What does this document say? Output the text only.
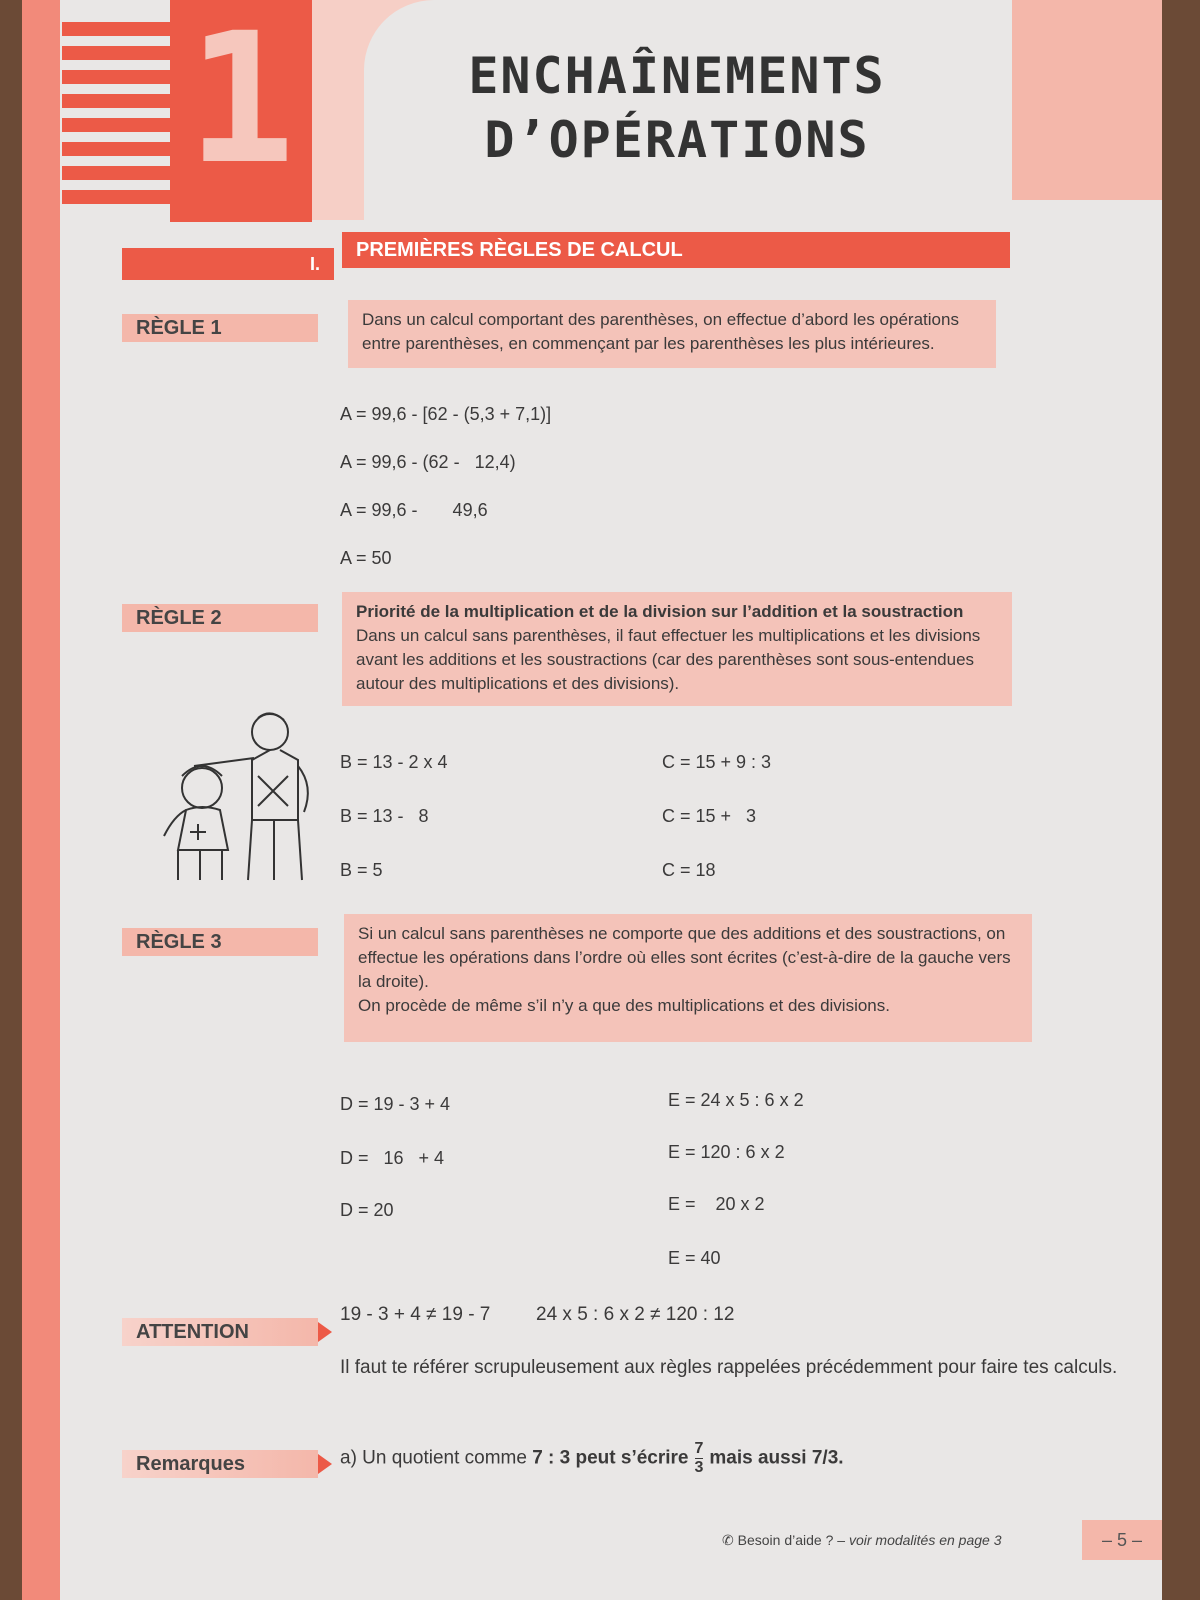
1	ENCHAÎNEMENTS
D’OPÉRATIONS
I.
PREMIÈRES RÈGLES DE CALCUL
RÈGLE 1	Dans un calcul comportant des parenthèses, on effectue d’abord les opérations entre parenthèses, en commençant par les parenthèses les plus intérieures.
A = 99,6 - [62 - (5,3 + 7,1)]
A = 99,6 - (62 -   12,4)
A = 99,6 -       49,6
A = 50
RÈGLE 2	Priorité de la multiplication et de la division sur l’addition et la soustraction
Dans un calcul sans parenthèses, il faut effectuer les multiplications et les divisions avant les additions et les soustractions (car des parenthèses sont sous-entendues autour des multiplications et des divisions).
B = 13 - 2 x 4
B = 13 -   8
B = 5
C = 15 + 9 : 3
C = 15 +   3
C = 18
RÈGLE 3	Si un calcul sans parenthèses ne comporte que des additions et des soustractions, on effectue les opérations dans l’ordre où elles sont écrites (c’est-à-dire de la gauche vers la droite).
On procède de même s’il n’y a que des multiplications et des divisions.
D = 19 - 3 + 4
D =   16   + 4
D = 20
E = 24 x 5 : 6 x 2
E = 120 : 6 x 2
E =    20 x 2
E = 40
ATTENTION
19 - 3 + 4 ≠ 19 - 7 24 x 5 : 6 x 2 ≠ 120 : 12
Il faut te référer scrupuleusement aux règles rappelées précédemment pour faire tes calculs.
Remarques	a) Un quotient comme 7 : 3 peut s’écrire $\frac{7}{3}$ mais aussi 7/3.
✆ Besoin d’aide ? – voir modalités en page 3	– 5 –
